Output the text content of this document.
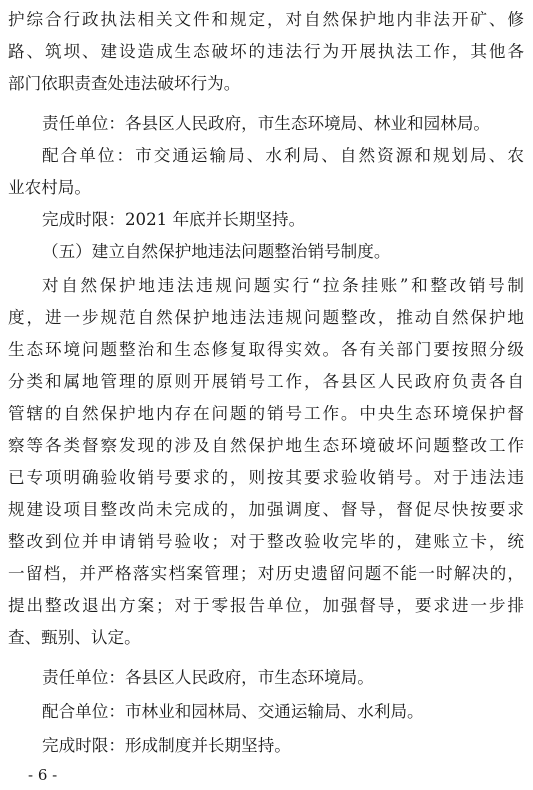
护综合行政执法相关文件和规定，对自然保护地内非法开矿、修
路、筑坝、建设造成生态破坏的违法行为开展执法工作，其他各
部门依职责查处违法破坏行为。
责任单位：各县区人民政府，市生态环境局、林业和园林局。
配合单位：市交通运输局、水利局、自然资源和规划局、农
业农村局。
完成时限：2021 年底并长期坚持。
（五）建立自然保护地违法问题整治销号制度。
对自然保护地违法违规问题实行“拉条挂账”和整改销号制
度，进一步规范自然保护地违法违规问题整改，推动自然保护地
生态环境问题整治和生态修复取得实效。各有关部门要按照分级
分类和属地管理的原则开展销号工作，各县区人民政府负责各自
管辖的自然保护地内存在问题的销号工作。中央生态环境保护督
察等各类督察发现的涉及自然保护地生态环境破坏问题整改工作
已专项明确验收销号要求的，则按其要求验收销号。对于违法违
规建设项目整改尚未完成的，加强调度、督导，督促尽快按要求
整改到位并申请销号验收；对于整改验收完毕的，建账立卡，统
一留档，并严格落实档案管理；对历史遗留问题不能一时解决的，
提出整改退出方案；对于零报告单位，加强督导，要求进一步排
查、甄别、认定。
责任单位：各县区人民政府，市生态环境局。
配合单位：市林业和园林局、交通运输局、水利局。
完成时限：形成制度并长期坚持。
- 6 -
